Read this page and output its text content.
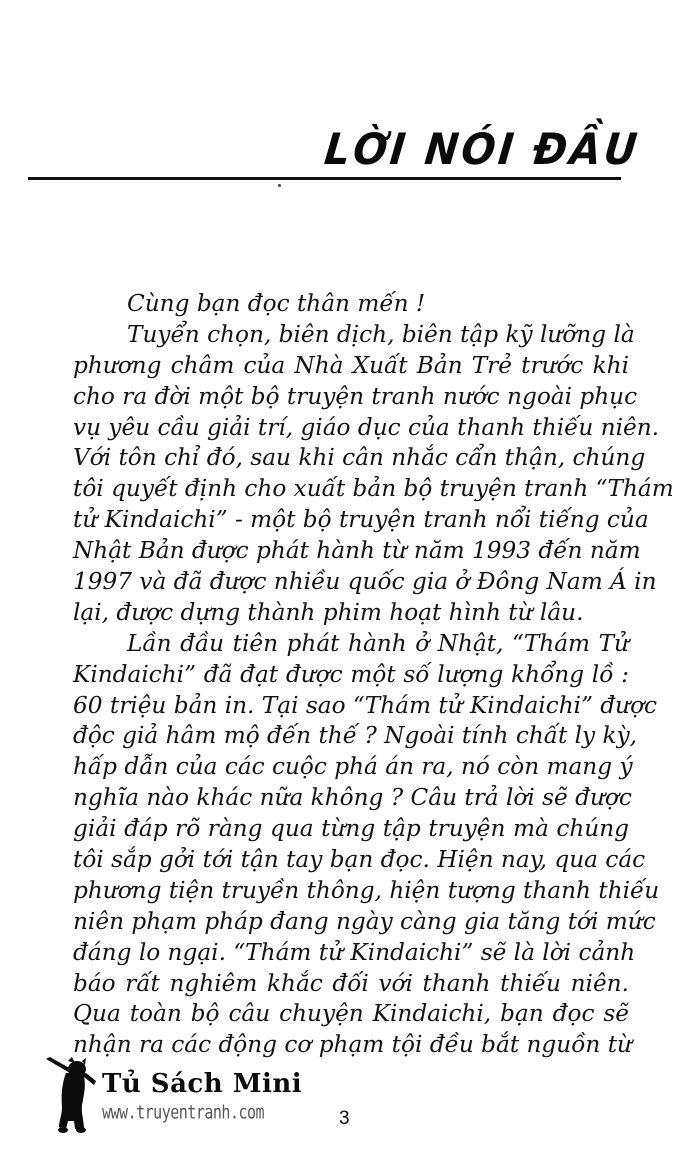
LỜI NÓI ĐẦU
Cùng bạn đọc thân mến !
Tuyển chọn, biên dịch, biên tập kỹ lưỡng là
phương châm của Nhà Xuất Bản Trẻ trước khi
cho ra đời một bộ truyện tranh nước ngoài phục
vụ yêu cầu giải trí, giáo dục của thanh thiếu niên.
Với tôn chỉ đó, sau khi cân nhắc cẩn thận, chúng
tôi quyết định cho xuất bản bộ truyện tranh “Thám
tử Kindaichi” - một bộ truyện tranh nổi tiếng của
Nhật Bản được phát hành từ năm 1993 đến năm
1997 và đã được nhiều quốc gia ở Đông Nam Á in
lại, được dựng thành phim hoạt hình từ lâu.
Lần đầu tiên phát hành ở Nhật, “Thám Tử
Kindaichi” đã đạt được một số lượng khổng lồ :
60 triệu bản in. Tại sao “Thám tử Kindaichi” được
độc giả hâm mộ đến thế ? Ngoài tính chất ly kỳ,
hấp dẫn của các cuộc phá án ra, nó còn mang ý
nghĩa nào khác nữa không ? Câu trả lời sẽ được
giải đáp rõ ràng qua từng tập truyện mà chúng
tôi sắp gởi tới tận tay bạn đọc. Hiện nay, qua các
phương tiện truyền thông, hiện tượng thanh thiếu
niên phạm pháp đang ngày càng gia tăng tới mức
đáng lo ngại. “Thám tử Kindaichi” sẽ là lời cảnh
báo rất nghiêm khắc đối với thanh thiếu niên.
Qua toàn bộ câu chuyện Kindaichi, bạn đọc sẽ
nhận ra các động cơ phạm tội đều bắt nguồn từ
Tủ Sách Mini
www.truyentranh.com	3
